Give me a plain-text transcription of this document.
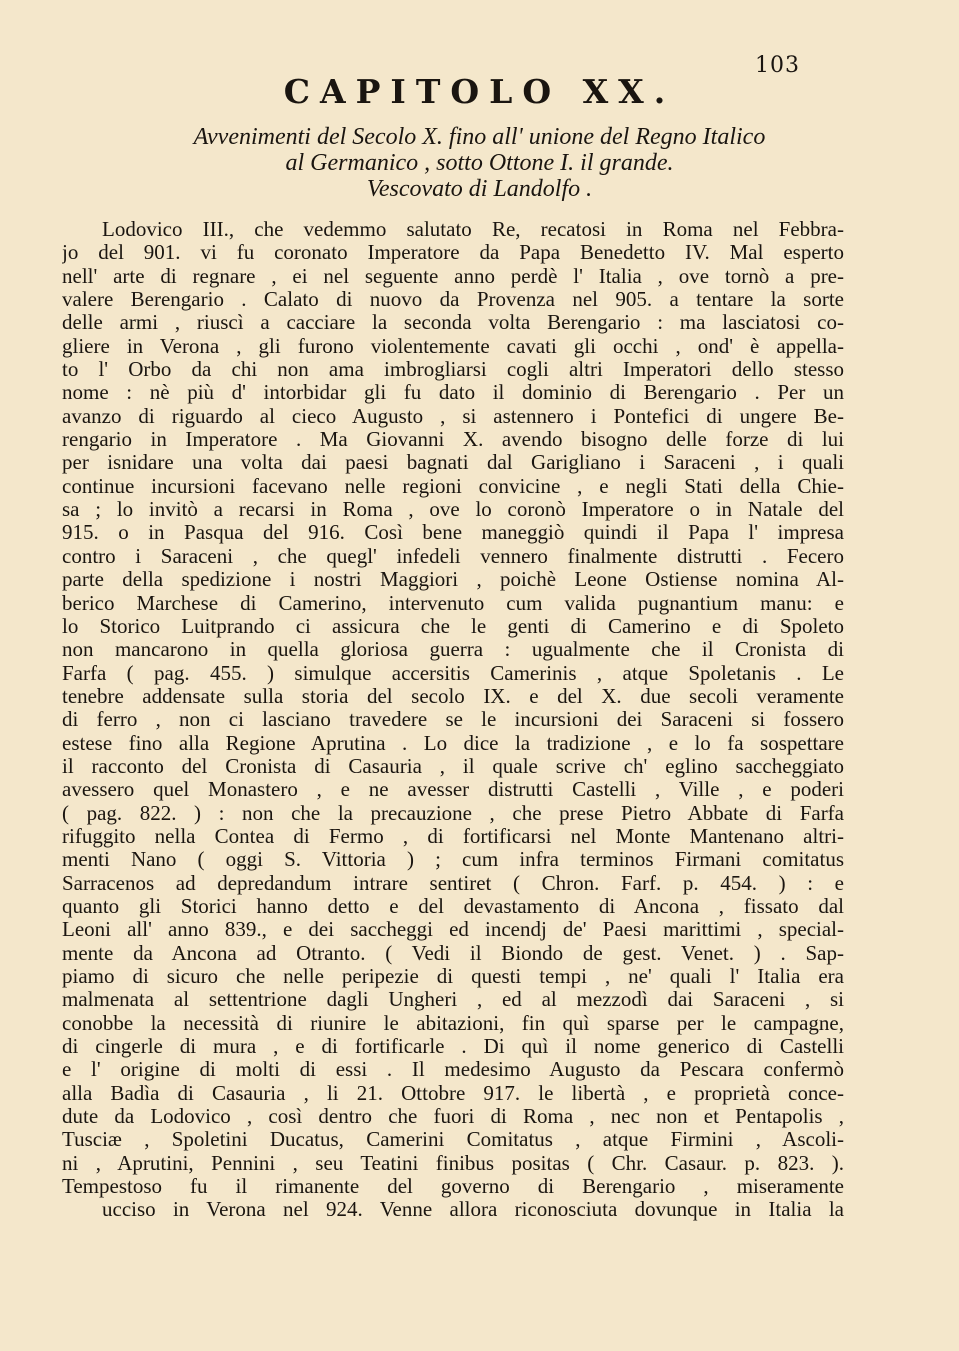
103
CAPITOLO XX.
Avvenimenti del Secolo X. fino all' unione del Regno Italico
al Germanico , sotto Ottone I. il grande.
Vescovato di Landolfo .
Lodovico III., che vedemmo salutato Re, recatosi in Roma nel Febbra-
jo del 901. vi fu coronato Imperatore da Papa Benedetto IV. Mal esperto
nell' arte di regnare , ei nel seguente anno perdè l' Italia , ove tornò a pre-
valere Berengario . Calato di nuovo da Provenza nel 905. a tentare la sorte
delle armi , riuscì a cacciare la seconda volta Berengario : ma lasciatosi co-
gliere in Verona , gli furono violentemente cavati gli occhi , ond' è appella-
to l' Orbo da chi non ama imbrogliarsi cogli altri Imperatori dello stesso
nome : nè più d' intorbidar gli fu dato il dominio di Berengario . Per un
avanzo di riguardo al cieco Augusto , si astennero i Pontefici di ungere Be-
rengario in Imperatore . Ma Giovanni X. avendo bisogno delle forze di lui
per isnidare una volta dai paesi bagnati dal Garigliano i Saraceni , i quali
continue incursioni facevano nelle regioni convicine , e negli Stati della Chie-
sa ; lo invitò a recarsi in Roma , ove lo coronò Imperatore o in Natale del
915. o in Pasqua del 916. Così bene maneggiò quindi il Papa l' impresa
contro i Saraceni , che quegl' infedeli vennero finalmente distrutti . Fecero
parte della spedizione i nostri Maggiori , poichè Leone Ostiense nomina Al-
berico Marchese di Camerino, intervenuto cum valida pugnantium manu: e
lo Storico Luitprando ci assicura che le genti di Camerino e di Spoleto
non mancarono in quella gloriosa guerra : ugualmente che il Cronista di
Farfa ( pag. 455. ) simulque accersitis Camerinis , atque Spoletanis . Le
tenebre addensate sulla storia del secolo IX. e del X. due secoli veramente
di ferro , non ci lasciano travedere se le incursioni dei Saraceni si fossero
estese fino alla Regione Aprutina . Lo dice la tradizione , e lo fa sospettare
il racconto del Cronista di Casauria , il quale scrive ch' eglino saccheggiato
avessero quel Monastero , e ne avesser distrutti Castelli , Ville , e poderi
( pag. 822. ) : non che la precauzione , che prese Pietro Abbate di Farfa
rifuggito nella Contea di Fermo , di fortificarsi nel Monte Mantenano altri-
menti Nano ( oggi S. Vittoria ) ; cum infra terminos Firmani comitatus
Sarracenos ad depredandum intrare sentiret ( Chron. Farf. p. 454. ) : e
quanto gli Storici hanno detto e del devastamento di Ancona , fissato dal
Leoni all' anno 839., e dei saccheggi ed incendj de' Paesi marittimi , special-
mente da Ancona ad Otranto. ( Vedi il Biondo de gest. Venet. ) . Sap-
piamo di sicuro che nelle peripezie di questi tempi , ne' quali l' Italia era
malmenata al settentrione dagli Ungheri , ed al mezzodì dai Saraceni , si
conobbe la necessità di riunire le abitazioni, fin quì sparse per le campagne,
di cingerle di mura , e di fortificarle . Di quì il nome generico di Castelli
e l' origine di molti di essi . Il medesimo Augusto da Pescara confermò
alla Badìa di Casauria , li 21. Ottobre 917. le libertà , e proprietà conce-
dute da Lodovico , così dentro che fuori di Roma , nec non et Pentapolis ,
Tusciæ , Spoletini Ducatus, Camerini Comitatus , atque Firmini , Ascoli-
ni , Aprutini, Pennini , seu Teatini finibus positas ( Chr. Casaur. p. 823. ).
Tempestoso fu il rimanente del governo di Berengario , miseramente
ucciso in Verona nel 924. Venne allora riconosciuta dovunque in Italia la
